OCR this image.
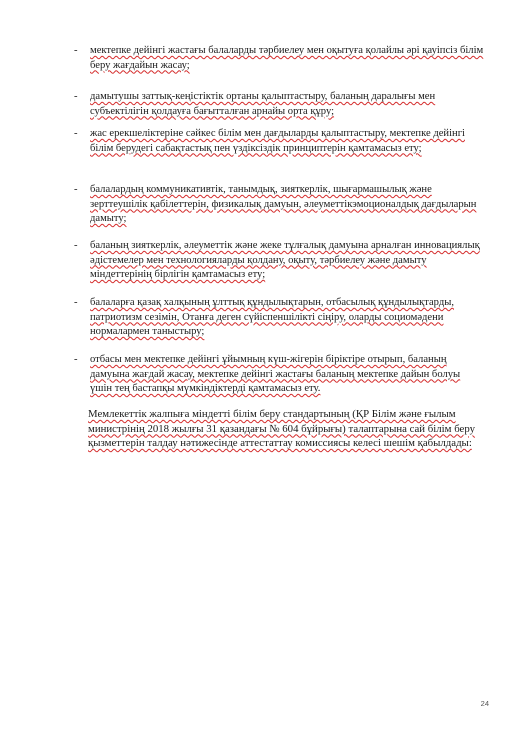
-	мектепке дейінгі жастағы балаларды тәрбиелеу мен оқытуға қолайлы әрі қауіпсіз білім беру жағдайын жасау;
-	дамытушы заттық-кеңістіктік ортаны қалыптастыру, баланың даралығы мен субъектілігін қолдауға бағытталған арнайы орта құру;
-	жас ерекшеліктеріне сәйкес білім мен дағдыларды қалыптастыру, мектепке дейінгі білім берудегі сабақтастық пен үздіксіздік принциптерін қамтамасыз ету;
-	балалардың коммуникативтік, танымдық, зияткерлік, шығармашылық және зерттеушілік қабілеттерін, физикалық дамуын, әлеуметтікэмоционалдық дағдыларын дамыту;
-	баланың зияткерлік, әлеуметтік және жеке тұлғалық дамуына арналған инновациялық әдістемелер мен технологияларды қолдану, оқыту, тәрбиелеу және дамыту міндеттерінің бірлігін қамтамасыз ету;
-	балаларға қазақ халқының ұлттық құндылықтарын, отбасылық құндылықтарды, патриотизм сезімін, Отанға деген сүйіспеншілікті сіңіру, оларды социомәдени нормалармен таныстыру;
-	отбасы мен мектепке дейінгі ұйымның күш-жігерін біріктіре отырып, баланың дамуына жағдай жасау, мектепке дейінгі жастағы баланың мектепке дайын болуы үшін тең бастапқы мүмкіндіктерді қамтамасыз ету.

Мемлекеттік жалпыға міндетті білім беру стандартының (ҚР Білім және ғылым министрінің 2018 жылғы 31 қазандағы № 604 бұйрығы) талаптарына сай білім беру қызметтерін талдау нәтижесінде аттестаттау комиссиясы келесі шешім қабылдады:

24
